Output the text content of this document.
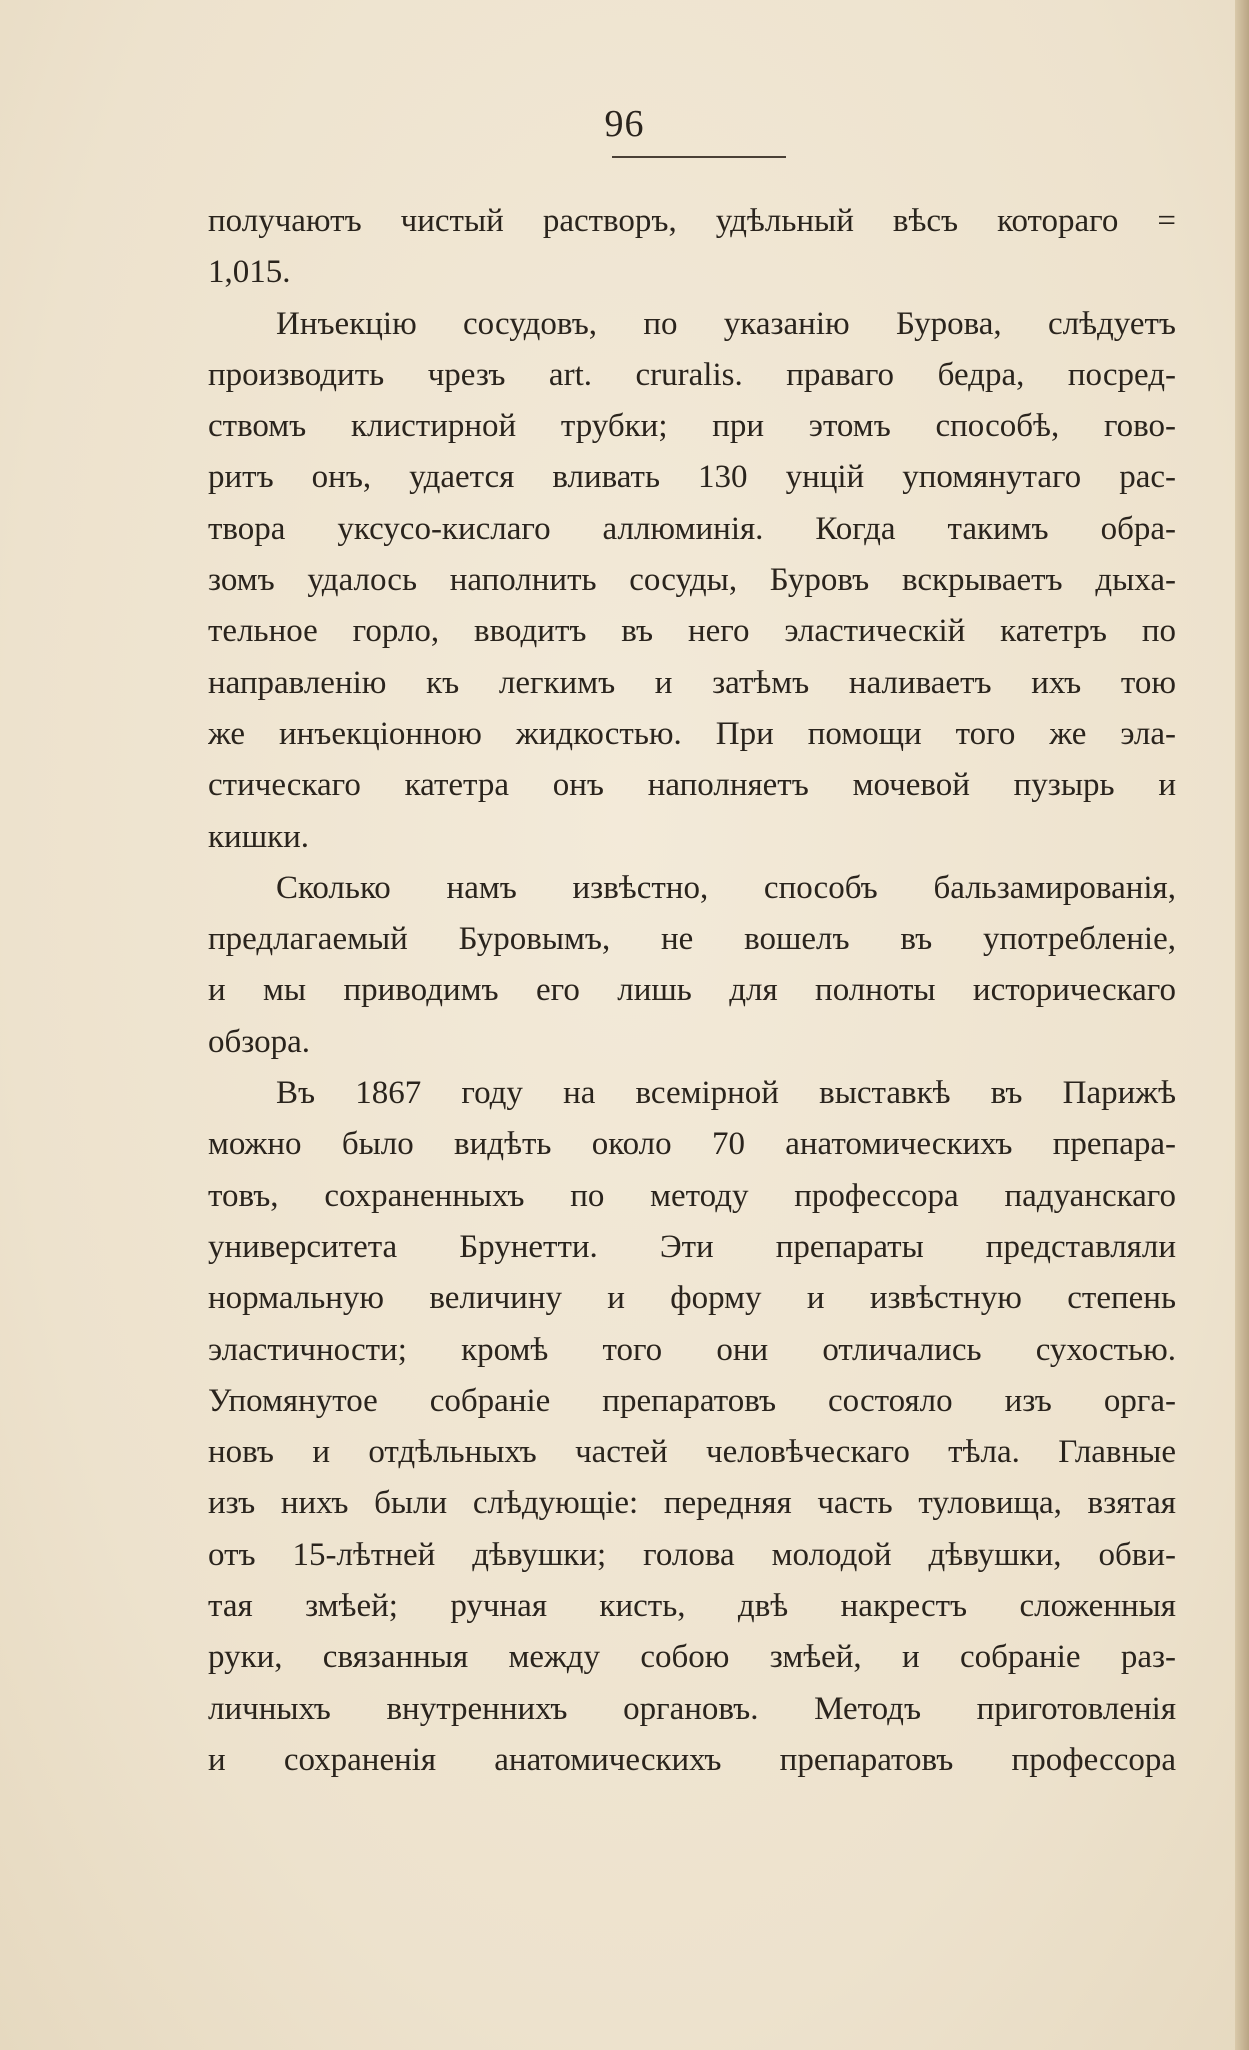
96
получаютъ чистый растворъ, удѣльный вѣсъ котораго =
1,015.
Инъекцію сосудовъ, по указанію Бурова, слѣдуетъ
производить чрезъ art. cruralis. праваго бедра, посред-
ствомъ клистирной трубки; при этомъ способѣ, гово-
ритъ онъ, удается вливать 130 унцій упомянутаго рас-
твора уксусо-кислаго аллюминія. Когда такимъ обра-
зомъ удалось наполнить сосуды, Буровъ вскрываетъ дыха-
тельное горло, вводитъ въ него эластическій катетръ по
направленію къ легкимъ и затѣмъ наливаетъ ихъ тою
же инъекціонною жидкостью. При помощи того же эла-
стическаго катетра онъ наполняетъ мочевой пузырь и
кишки.
Сколько намъ извѣстно, способъ бальзамированія,
предлагаемый Буровымъ, не вошелъ въ употребленіе,
и мы приводимъ его лишь для полноты историческаго
обзора.
Въ 1867 году на всемірной выставкѣ въ Парижѣ
можно было видѣть около 70 анатомическихъ препара-
товъ, сохраненныхъ по методу профессора падуанскаго
университета Брунетти. Эти препараты представляли
нормальную величину и форму и извѣстную степень
эластичности; кромѣ того они отличались сухостью.
Упомянутое собраніе препаратовъ состояло изъ орга-
новъ и отдѣльныхъ частей человѣческаго тѣла. Главные
изъ нихъ были слѣдующіе: передняя часть туловища, взятая
отъ 15-лѣтней дѣвушки; голова молодой дѣвушки, обви-
тая змѣей; ручная кисть, двѣ накрестъ сложенныя
руки, связанныя между собою змѣей, и собраніе раз-
личныхъ внутреннихъ органовъ. Методъ приготовленія
и сохраненія анатомическихъ препаратовъ профессора
